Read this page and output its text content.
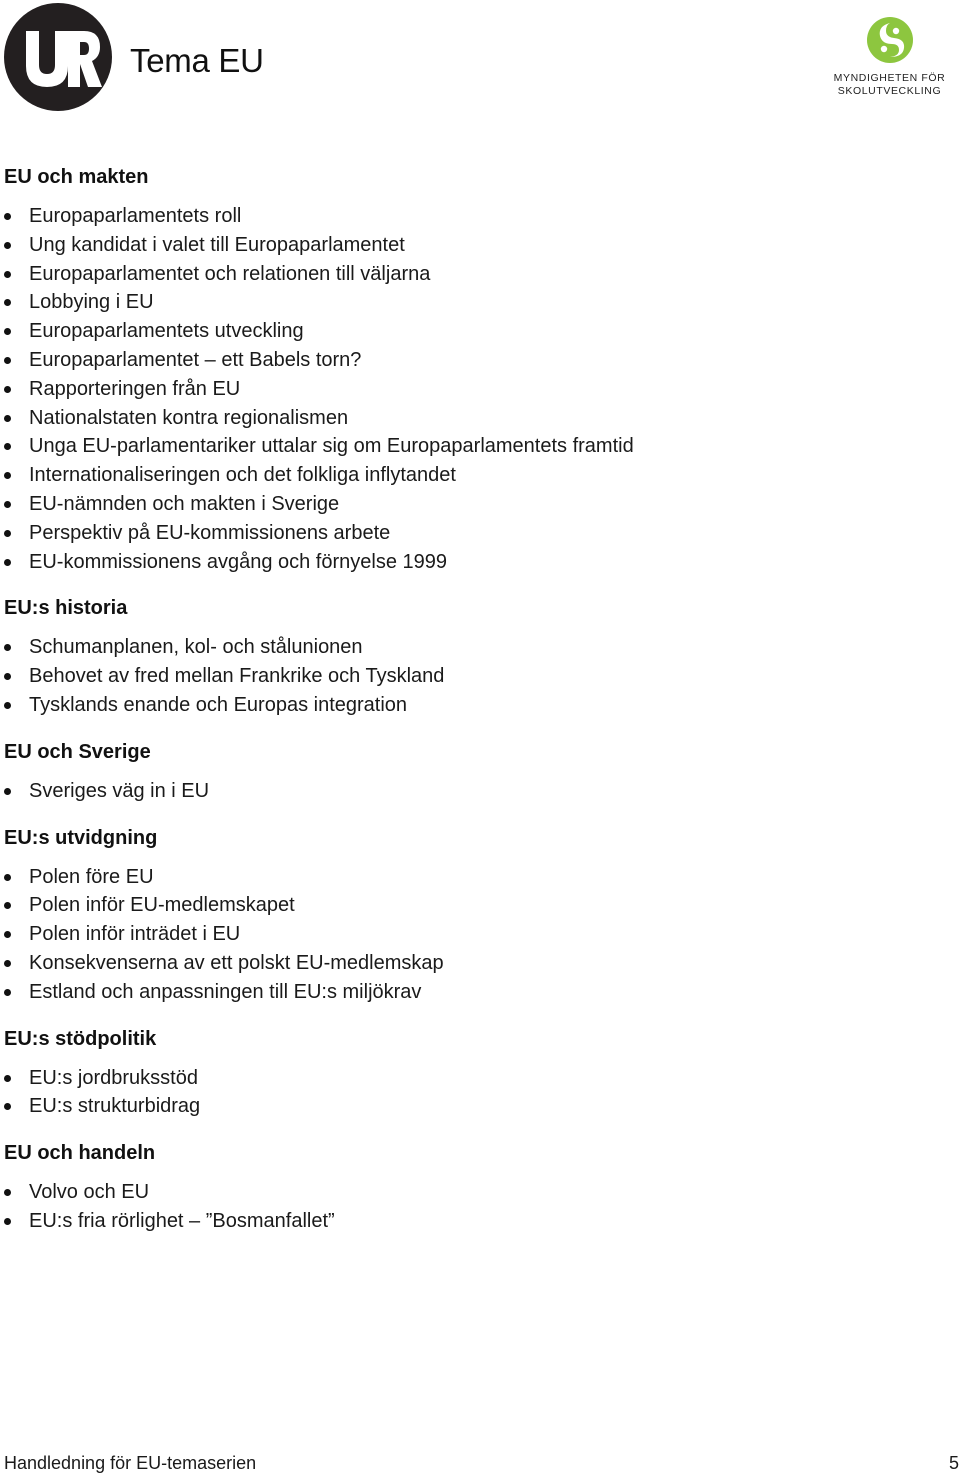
Tema EU	MYNDIGHETEN FÖR
SKOLUTVECKLING
EU och makten
Europaparlamentets roll
Ung kandidat i valet till Europaparlamentet
Europaparlamentet och relationen till väljarna
Lobbying i EU
Europaparlamentets utveckling
Europaparlamentet – ett Babels torn?
Rapporteringen från EU
Nationalstaten kontra regionalismen
Unga EU-parlamentariker uttalar sig om Europaparlamentets framtid
Internationaliseringen och det folkliga inflytandet
EU-nämnden och makten i Sverige
Perspektiv på EU-kommissionens arbete
EU-kommissionens avgång och förnyelse 1999
EU:s historia
Schumanplanen, kol- och stålunionen
Behovet av fred mellan Frankrike och Tyskland
Tysklands enande och Europas integration
EU och Sverige
Sveriges väg in i EU
EU:s utvidgning
Polen före EU
Polen inför EU-medlemskapet
Polen inför inträdet i EU
Konsekvenserna av ett polskt EU-medlemskap
Estland och anpassningen till EU:s miljökrav
EU:s stödpolitik
EU:s jordbruksstöd
EU:s strukturbidrag
EU och handeln
Volvo och EU
EU:s fria rörlighet – ”Bosmanfallet”
Handledning för EU-temaserien	5
